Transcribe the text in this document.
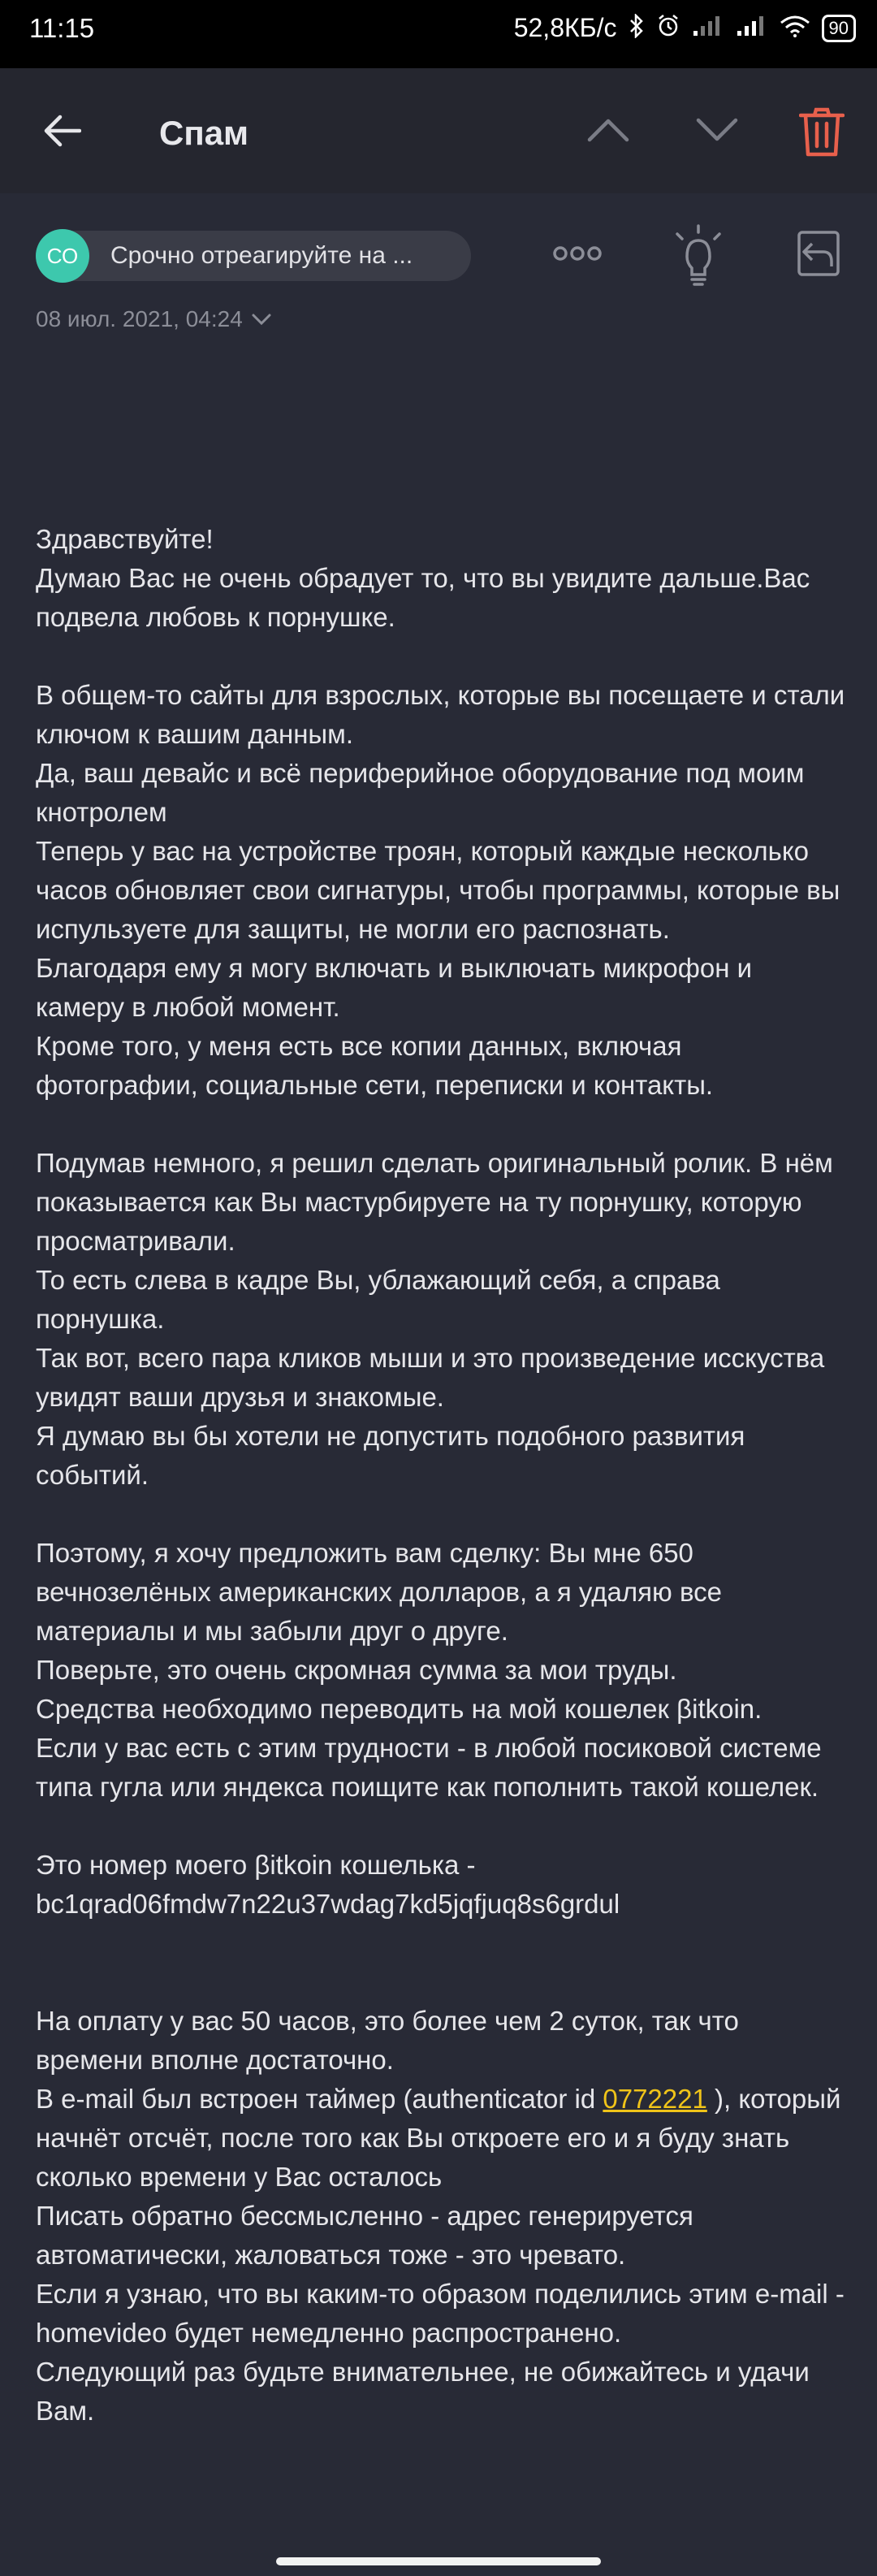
11:15	52,8КБ/с	90
Спам
СО	Срочно отреагируйте на ...
08 июл. 2021, 04:24

Здравствуйте!

Думаю Вас не очень обрадует то, что вы увидите дальше.Вас подвела любовь к порнушке.

В общем-то сайты для взрослых, которые вы посещаете и стали ключом к вашим данным.

Да, ваш девайс и всё периферийное оборудование под моим кнотролем

Теперь у вас на устройстве троян, который каждые несколько часов обновляет свои сигнатуры, чтобы программы, которые вы испульзуете для защиты, не могли его распознать.

Благодаря ему я могу включать и выключать микрофон и камеру в любой момент.

Кроме того, у меня есть все копии данных, включая фотографии, социальные сети, переписки и контакты.

Подумав немного, я решил сделать оригинальный ролик. В нём показывается как Вы мастурбируете на ту порнушку, которую просматривали.

То есть слева в кадре Вы, ублажающий себя, а справа порнушка.

Так вот, всего пара кликов мыши и это произведение исскуства увидят ваши друзья и знакомые.

Я думаю вы бы хотели не допустить подобного развития событий.

Поэтому, я хочу предложить вам сделку: Вы мне 650 вечнозелёных американских долларов, а я удаляю все материалы и мы забыли друг о друге.

Поверьте, это очень скромная сумма за мои труды.

Средства необходимо переводить на мой кошелек βitkoin.

Если у вас есть с этим трудности - в любой посиковой системе типа гугла или яндекса поищите как пополнить такой кошелек.

Это номер моего βitkoin кошелька -

bc1qrad06fmdw7n22u37wdag7kd5jqfjuq8s6grdul

На оплату у вас 50 часов, это более чем 2 суток, так что времени вполне достаточно.

В e-mail был встроен таймер (authenticator id 0772221 ), который начнёт отсчёт, после того как Вы откроете его и я буду знать сколько времени у Вас осталось

Писать обратно бессмысленно - адрес генерируется автоматически, жаловаться тоже - это чревато.

Если я узнаю, что вы каким-то образом поделились этим e-mail - homevideo будет немедленно распространено.

Следующий раз будьте внимательнее, не обижайтесь и удачи Вам.
